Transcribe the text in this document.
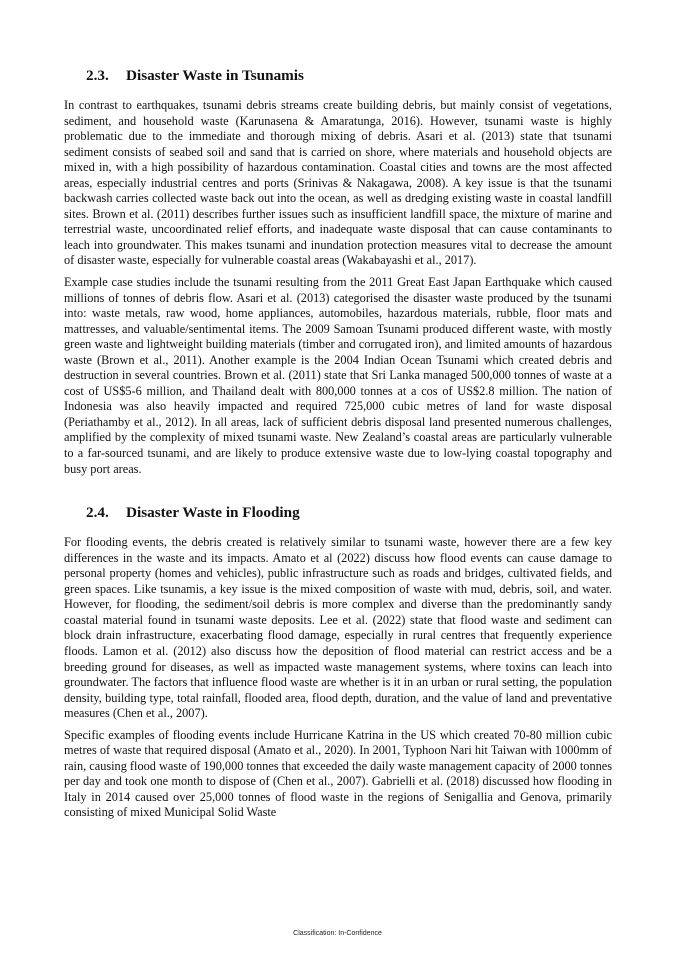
2.3.	Disaster Waste in Tsunamis

In contrast to earthquakes, tsunami debris streams create building debris, but mainly consist of vegetations, sediment, and household waste (Karunasena & Amaratunga, 2016). However, tsunami waste is highly problematic due to the immediate and thorough mixing of debris. Asari et al. (2013) state that tsunami sediment consists of seabed soil and sand that is carried on shore, where materials and household objects are mixed in, with a high possibility of hazardous contamination. Coastal cities and towns are the most affected areas, especially industrial centres and ports (Srinivas & Nakagawa, 2008). A key issue is that the tsunami backwash carries collected waste back out into the ocean, as well as dredging existing waste in coastal landfill sites. Brown et al. (2011) describes further issues such as insufficient landfill space, the mixture of marine and terrestrial waste, uncoordinated relief efforts, and inadequate waste disposal that can cause contaminants to leach into groundwater. This makes tsunami and inundation protection measures vital to decrease the amount of disaster waste, especially for vulnerable coastal areas (Wakabayashi et al., 2017).

Example case studies include the tsunami resulting from the 2011 Great East Japan Earthquake which caused millions of tonnes of debris flow. Asari et al. (2013) categorised the disaster waste produced by the tsunami into: waste metals, raw wood, home appliances, automobiles, hazardous materials, rubble, floor mats and mattresses, and valuable/sentimental items. The 2009 Samoan Tsunami produced different waste, with mostly green waste and lightweight building materials (timber and corrugated iron), and limited amounts of hazardous waste (Brown et al., 2011). Another example is the 2004 Indian Ocean Tsunami which created debris and destruction in several countries. Brown et al. (2011) state that Sri Lanka managed 500,000 tonnes of waste at a cost of US$5-6 million, and Thailand dealt with 800,000 tonnes at a cos of US$2.8 million. The nation of Indonesia was also heavily impacted and required 725,000 cubic metres of land for waste disposal (Periathamby et al., 2012). In all areas, lack of sufficient debris disposal land presented numerous challenges, amplified by the complexity of mixed tsunami waste. New Zealand’s coastal areas are particularly vulnerable to a far-sourced tsunami, and are likely to produce extensive waste due to low-lying coastal topography and busy port areas.

2.4.	Disaster Waste in Flooding

For flooding events, the debris created is relatively similar to tsunami waste, however there are a few key differences in the waste and its impacts. Amato et al (2022) discuss how flood events can cause damage to personal property (homes and vehicles), public infrastructure such as roads and bridges, cultivated fields, and green spaces. Like tsunamis, a key issue is the mixed composition of waste with mud, debris, soil, and water. However, for flooding, the sediment/soil debris is more complex and diverse than the predominantly sandy coastal material found in tsunami waste deposits. Lee et al. (2022) state that flood waste and sediment can block drain infrastructure, exacerbating flood damage, especially in rural centres that frequently experience floods. Lamon et al. (2012) also discuss how the deposition of flood material can restrict access and be a breeding ground for diseases, as well as impacted waste management systems, where toxins can leach into groundwater. The factors that influence flood waste are whether is it in an urban or rural setting, the population density, building type, total rainfall, flooded area, flood depth, duration, and the value of land and preventative measures (Chen et al., 2007).

Specific examples of flooding events include Hurricane Katrina in the US which created 70-80 million cubic metres of waste that required disposal (Amato et al., 2020). In 2001, Typhoon Nari hit Taiwan with 1000mm of rain, causing flood waste of 190,000 tonnes that exceeded the daily waste management capacity of 2000 tonnes per day and took one month to dispose of (Chen et al., 2007). Gabrielli et al. (2018) discussed how flooding in Italy in 2014 caused over 25,000 tonnes of flood waste in the regions of Senigallia and Genova, primarily consisting of mixed Municipal Solid Waste

Classification: In-Confidence
